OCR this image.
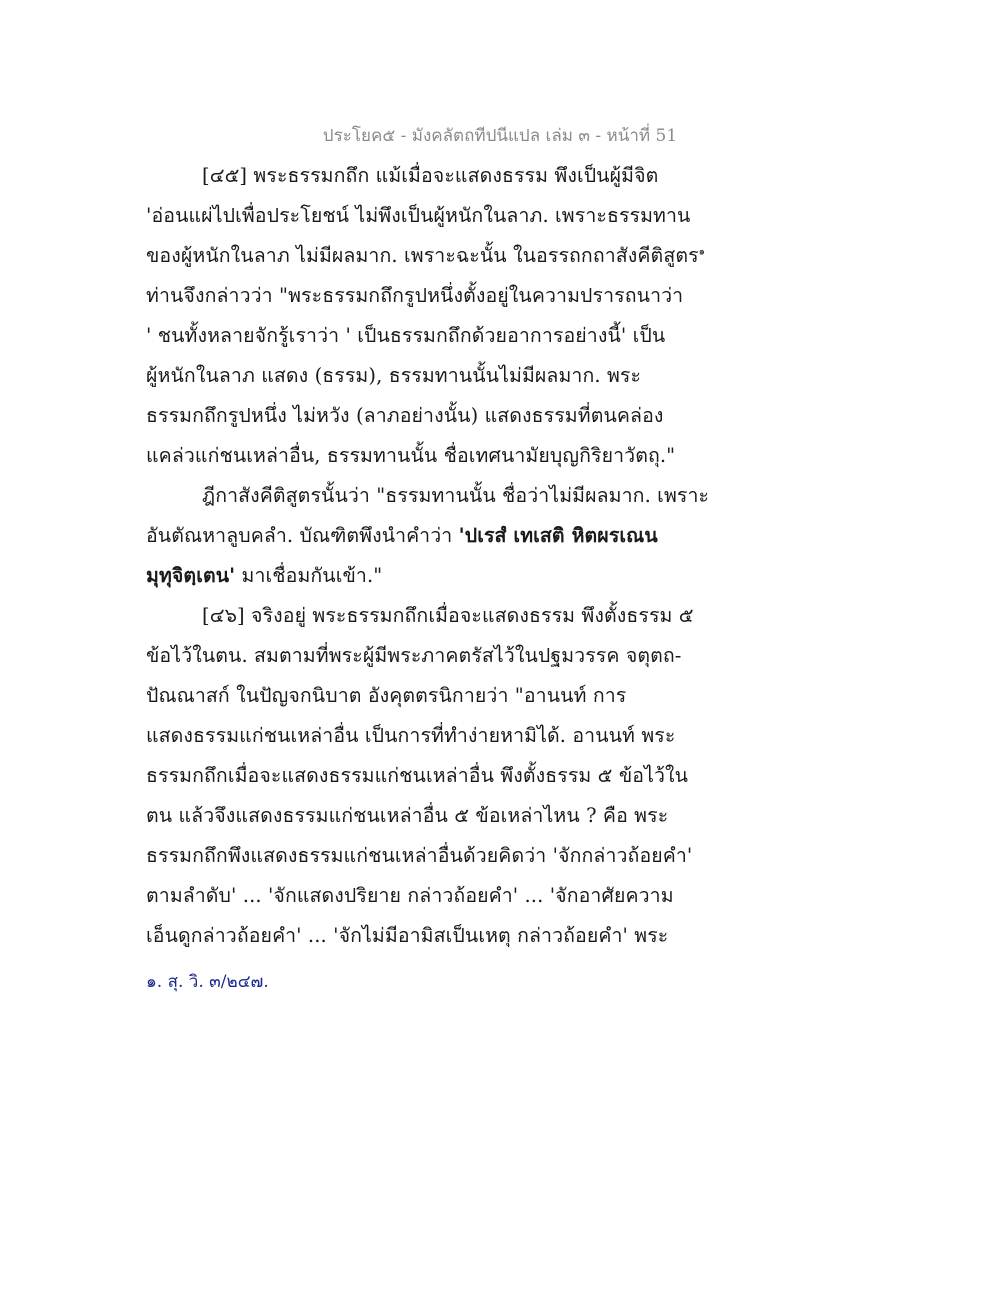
ประโยค๕ - มังคลัตถทีปนีแปล เล่ม ๓ - หน้าที่ 51
[๔๕] พระธรรมกถึก แม้เมื่อจะแสดงธรรม พึงเป็นผู้มีจิต
'อ่อนแผ่ไปเพื่อประโยชน์ ไม่พึงเป็นผู้หนักในลาภ. เพราะธรรมทาน
ของผู้หนักในลาภ ไม่มีผลมาก. เพราะฉะนั้น ในอรรถกถาสังคีติสูตร$^๑$
ท่านจึงกล่าวว่า "พระธรรมกถึกรูปหนึ่งตั้งอยู่ในความปรารถนาว่า
' ชนทั้งหลายจักรู้เราว่า ' เป็นธรรมกถึกด้วยอาการอย่างนี้' เป็น
ผู้หนักในลาภ แสดง (ธรรม), ธรรมทานนั้นไม่มีผลมาก. พระ
ธรรมกถึกรูปหนึ่ง ไม่หวัง (ลาภอย่างนั้น) แสดงธรรมที่ตนคล่อง
แคล่วแก่ชนเหล่าอื่น, ธรรมทานนั้น ชื่อเทศนามัยบุญกิริยาวัตถุ."
ฎีกาสังคีติสูตรนั้นว่า "ธรรมทานนั้น ชื่อว่าไม่มีผลมาก. เพราะ
อันตัณหาลูบคลำ. บัณฑิตพึงนำคำว่า 'ปเรสํ เทเสติ หิตผรเณน
มุทุจิตฺเตน' มาเชื่อมกันเข้า."
[๔๖] จริงอยู่ พระธรรมกถึกเมื่อจะแสดงธรรม พึงตั้งธรรม ๕
ข้อไว้ในตน. สมตามที่พระผู้มีพระภาคตรัสไว้ในปฐมวรรค จตุตถ-
ปัณณาสก์ ในปัญจกนิบาต อังคุตตรนิกายว่า "อานนท์ การ
แสดงธรรมแก่ชนเหล่าอื่น เป็นการที่ทำง่ายหามิได้. อานนท์ พระ
ธรรมกถึกเมื่อจะแสดงธรรมแก่ชนเหล่าอื่น พึงตั้งธรรม ๕ ข้อไว้ใน
ตน แล้วจึงแสดงธรรมแก่ชนเหล่าอื่น ๕ ข้อเหล่าไหน ? คือ พระ
ธรรมกถึกพึงแสดงธรรมแก่ชนเหล่าอื่นด้วยคิดว่า 'จักกล่าวถ้อยคำ'
ตามลำดับ' ... 'จักแสดงปริยาย กล่าวถ้อยคำ' ... 'จักอาศัยความ
เอ็นดูกล่าวถ้อยคำ' ... 'จักไม่มีอามิสเป็นเหตุ กล่าวถ้อยคำ' พระ
๑. สุ. วิ. ๓/๒๔๗.
